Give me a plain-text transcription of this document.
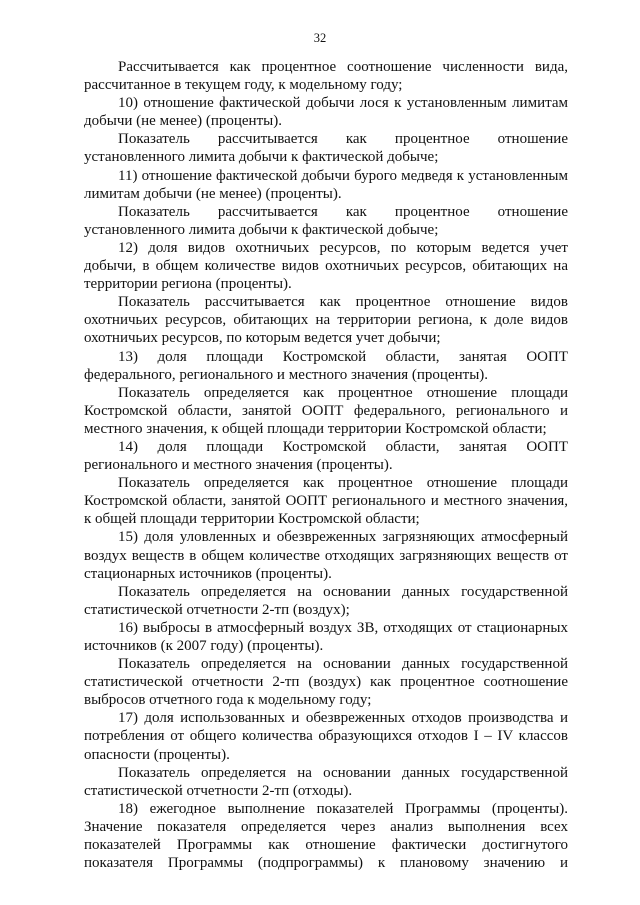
32

Рассчитывается как процентное соотношение численности вида, рассчитанное в текущем году, к модельному году;

10) отношение фактической добычи лося к установленным лимитам добычи (не менее) (проценты).

Показатель рассчитывается как процентное отношение установленного лимита добычи к фактической добыче;

11) отношение фактической добычи бурого медведя к установленным лимитам добычи (не менее) (проценты).

Показатель рассчитывается как процентное отношение установленного лимита добычи к фактической добыче;

12) доля видов охотничьих ресурсов, по которым ведется учет добычи, в общем количестве видов охотничьих ресурсов, обитающих на территории региона (проценты).

Показатель рассчитывается как процентное отношение видов охотничьих ресурсов, обитающих на территории региона, к доле видов охотничьих ресурсов, по которым ведется учет добычи;

13) доля площади Костромской области, занятая ООПТ федерального, регионального и местного значения (проценты).

Показатель определяется как процентное отношение площади Костромской области, занятой ООПТ федерального, регионального и местного значения, к общей площади территории Костромской области;

14) доля площади Костромской области, занятая ООПТ регионального и местного значения (проценты).

Показатель определяется как процентное отношение площади Костромской области, занятой ООПТ регионального и местного значения, к общей площади территории Костромской области;

15) доля уловленных и обезвреженных загрязняющих атмосферный воздух веществ в общем количестве отходящих загрязняющих веществ от стационарных источников (проценты).

Показатель определяется на основании данных государственной статистической отчетности 2-тп (воздух);

16) выбросы в атмосферный воздух ЗВ, отходящих от стационарных источников (к 2007 году) (проценты).

Показатель определяется на основании данных государственной статистической отчетности 2-тп (воздух) как процентное соотношение выбросов отчетного года к модельному году;

17) доля использованных и обезвреженных отходов производства и потребления от общего количества образующихся отходов I – IV классов опасности (проценты).

Показатель определяется на основании данных государственной статистической отчетности 2-тп (отходы).

18) ежегодное выполнение показателей Программы (проценты). Значение показателя определяется через анализ выполнения всех показателей Программы как отношение фактически достигнутого показателя Программы (подпрограммы) к плановому значению и
